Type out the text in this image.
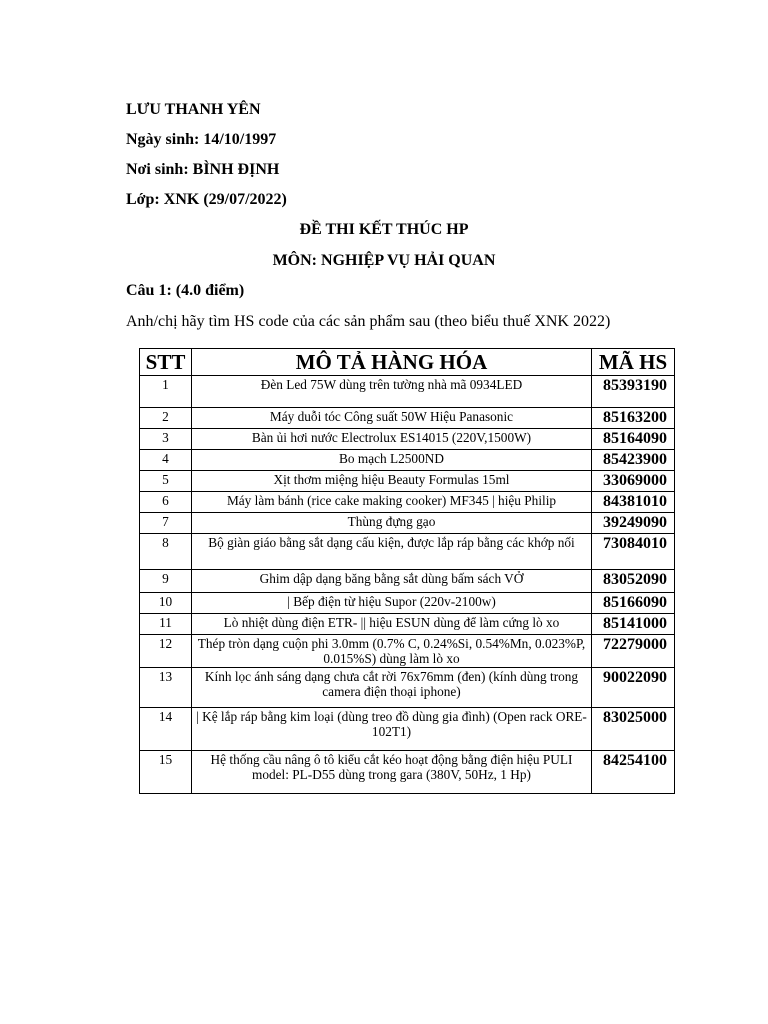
LƯU THANH YÊN
Ngày sinh: 14/10/1997
Nơi sinh: BÌNH ĐỊNH
Lớp: XNK (29/07/2022)
ĐỀ THI KẾT THÚC HP
MÔN: NGHIỆP VỤ HẢI QUAN
Câu 1: (4.0 điểm)
Anh/chị hãy tìm HS code của các sản phẩm sau (theo biểu thuế XNK 2022)
STT	MÔ TẢ HÀNG HÓA	MÃ HS
1	Đèn Led 75W dùng trên tường nhà mã 0934LED	85393190
2	Máy duỗi tóc Công suất 50W Hiệu Panasonic	85163200
3	Bàn ủi hơi nước Electrolux ES14015 (220V,1500W)	85164090
4	Bo mạch L2500ND	85423900
5	Xịt thơm miệng hiệu Beauty Formulas 15ml	33069000
6	Máy làm bánh (rice cake making cooker) MF345 | hiệu Philip	84381010
7	Thùng đựng gạo	39249090
8	Bộ giàn giáo bằng sắt dạng cấu kiện, được lắp ráp bằng các khớp nối	73084010
9	Ghim dập dạng băng bằng sắt dùng bấm sách VỞ	83052090
10	| Bếp điện từ hiệu Supor (220v-2100w)	85166090
11	Lò nhiệt dùng điện ETR- || hiệu ESUN dùng để làm cứng lò xo	85141000
12	Thép tròn dạng cuộn phi 3.0mm (0.7% C, 0.24%Si, 0.54%Mn, 0.023%P, 0.015%S) dùng làm lò xo	72279000
13	Kính lọc ánh sáng dạng chưa cắt rời 76x76mm (đen) (kính dùng trong camera điện thoại iphone)	90022090
14	| Kệ lắp ráp bằng kim loại (dùng treo đồ dùng gia đình) (Open rack ORE-102T1)	83025000
15	Hệ thống cầu nâng ô tô kiểu cắt kéo hoạt động bằng điện hiệu PULI model: PL-D55 dùng trong gara (380V, 50Hz, 1 Hp)	84254100
